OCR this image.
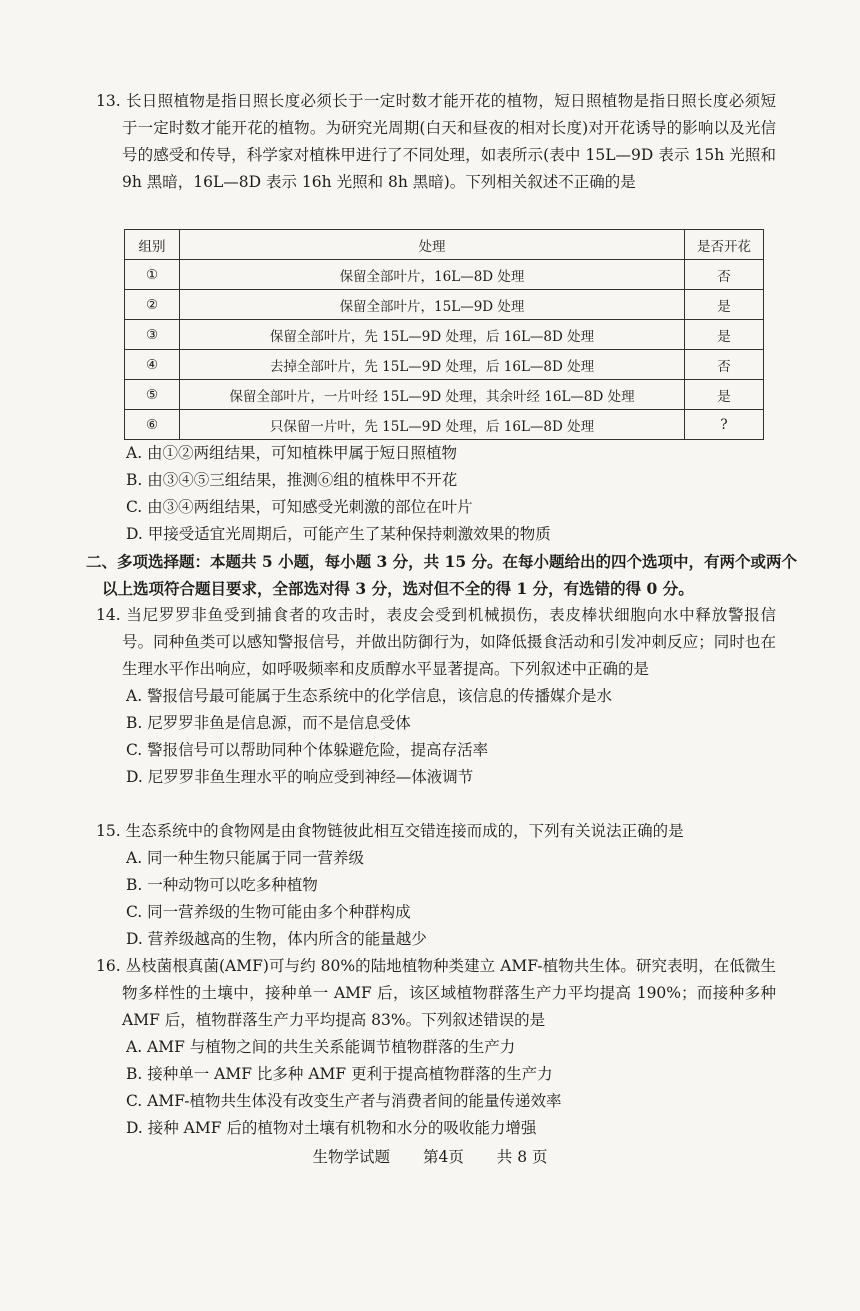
13. 长日照植物是指日照长度必须长于一定时数才能开花的植物，短日照植物是指日照长度必须短于一定时数才能开花的植物。为研究光周期(白天和昼夜的相对长度)对开花诱导的影响以及光信号的感受和传导，科学家对植株甲进行了不同处理，如表所示(表中 15L—9D 表示 15h 光照和 9h 黑暗，16L—8D 表示 16h 光照和 8h 黑暗)。下列相关叙述不正确的是

组别	处理	是否开花
①	保留全部叶片，16L—8D 处理	否
②	保留全部叶片，15L—9D 处理	是
③	保留全部叶片，先 15L—9D 处理，后 16L—8D 处理	是
④	去掉全部叶片，先 15L—9D 处理，后 16L—8D 处理	否
⑤	保留全部叶片，一片叶经 15L—9D 处理，其余叶经 16L—8D 处理	是
⑥	只保留一片叶，先 15L—9D 处理，后 16L—8D 处理	?

A. 由①②两组结果，可知植株甲属于短日照植物

B. 由③④⑤三组结果，推测⑥组的植株甲不开花

C. 由③④两组结果，可知感受光刺激的部位在叶片

D. 甲接受适宜光周期后，可能产生了某种保持刺激效果的物质

二、多项选择题：本题共 5 小题，每小题 3 分，共 15 分。在每小题给出的四个选项中，有两个或两个以上选项符合题目要求，全部选对得 3 分，选对但不全的得 1 分，有选错的得 0 分。

14. 当尼罗罗非鱼受到捕食者的攻击时，表皮会受到机械损伤，表皮棒状细胞向水中释放警报信号。同种鱼类可以感知警报信号，并做出防御行为，如降低摄食活动和引发冲刺反应；同时也在生理水平作出响应，如呼吸频率和皮质醇水平显著提高。下列叙述中正确的是

A. 警报信号最可能属于生态系统中的化学信息，该信息的传播媒介是水

B. 尼罗罗非鱼是信息源，而不是信息受体

C. 警报信号可以帮助同种个体躲避危险，提高存活率

D. 尼罗罗非鱼生理水平的响应受到神经—体液调节

15. 生态系统中的食物网是由食物链彼此相互交错连接而成的，下列有关说法正确的是

A. 同一种生物只能属于同一营养级

B. 一种动物可以吃多种植物

C. 同一营养级的生物可能由多个种群构成

D. 营养级越高的生物，体内所含的能量越少

16. 丛枝菌根真菌(AMF)可与约 80%的陆地植物种类建立 AMF-植物共生体。研究表明，在低微生物多样性的土壤中，接种单一 AMF 后，该区域植物群落生产力平均提高 190%；而接种多种 AMF 后，植物群落生产力平均提高 83%。下列叙述错误的是

A. AMF 与植物之间的共生关系能调节植物群落的生产力

B. 接种单一 AMF 比多种 AMF 更利于提高植物群落的生产力

C. AMF-植物共生体没有改变生产者与消费者间的能量传递效率

D. 接种 AMF 后的植物对土壤有机物和水分的吸收能力增强

生物学试题 第4页 共 8 页
